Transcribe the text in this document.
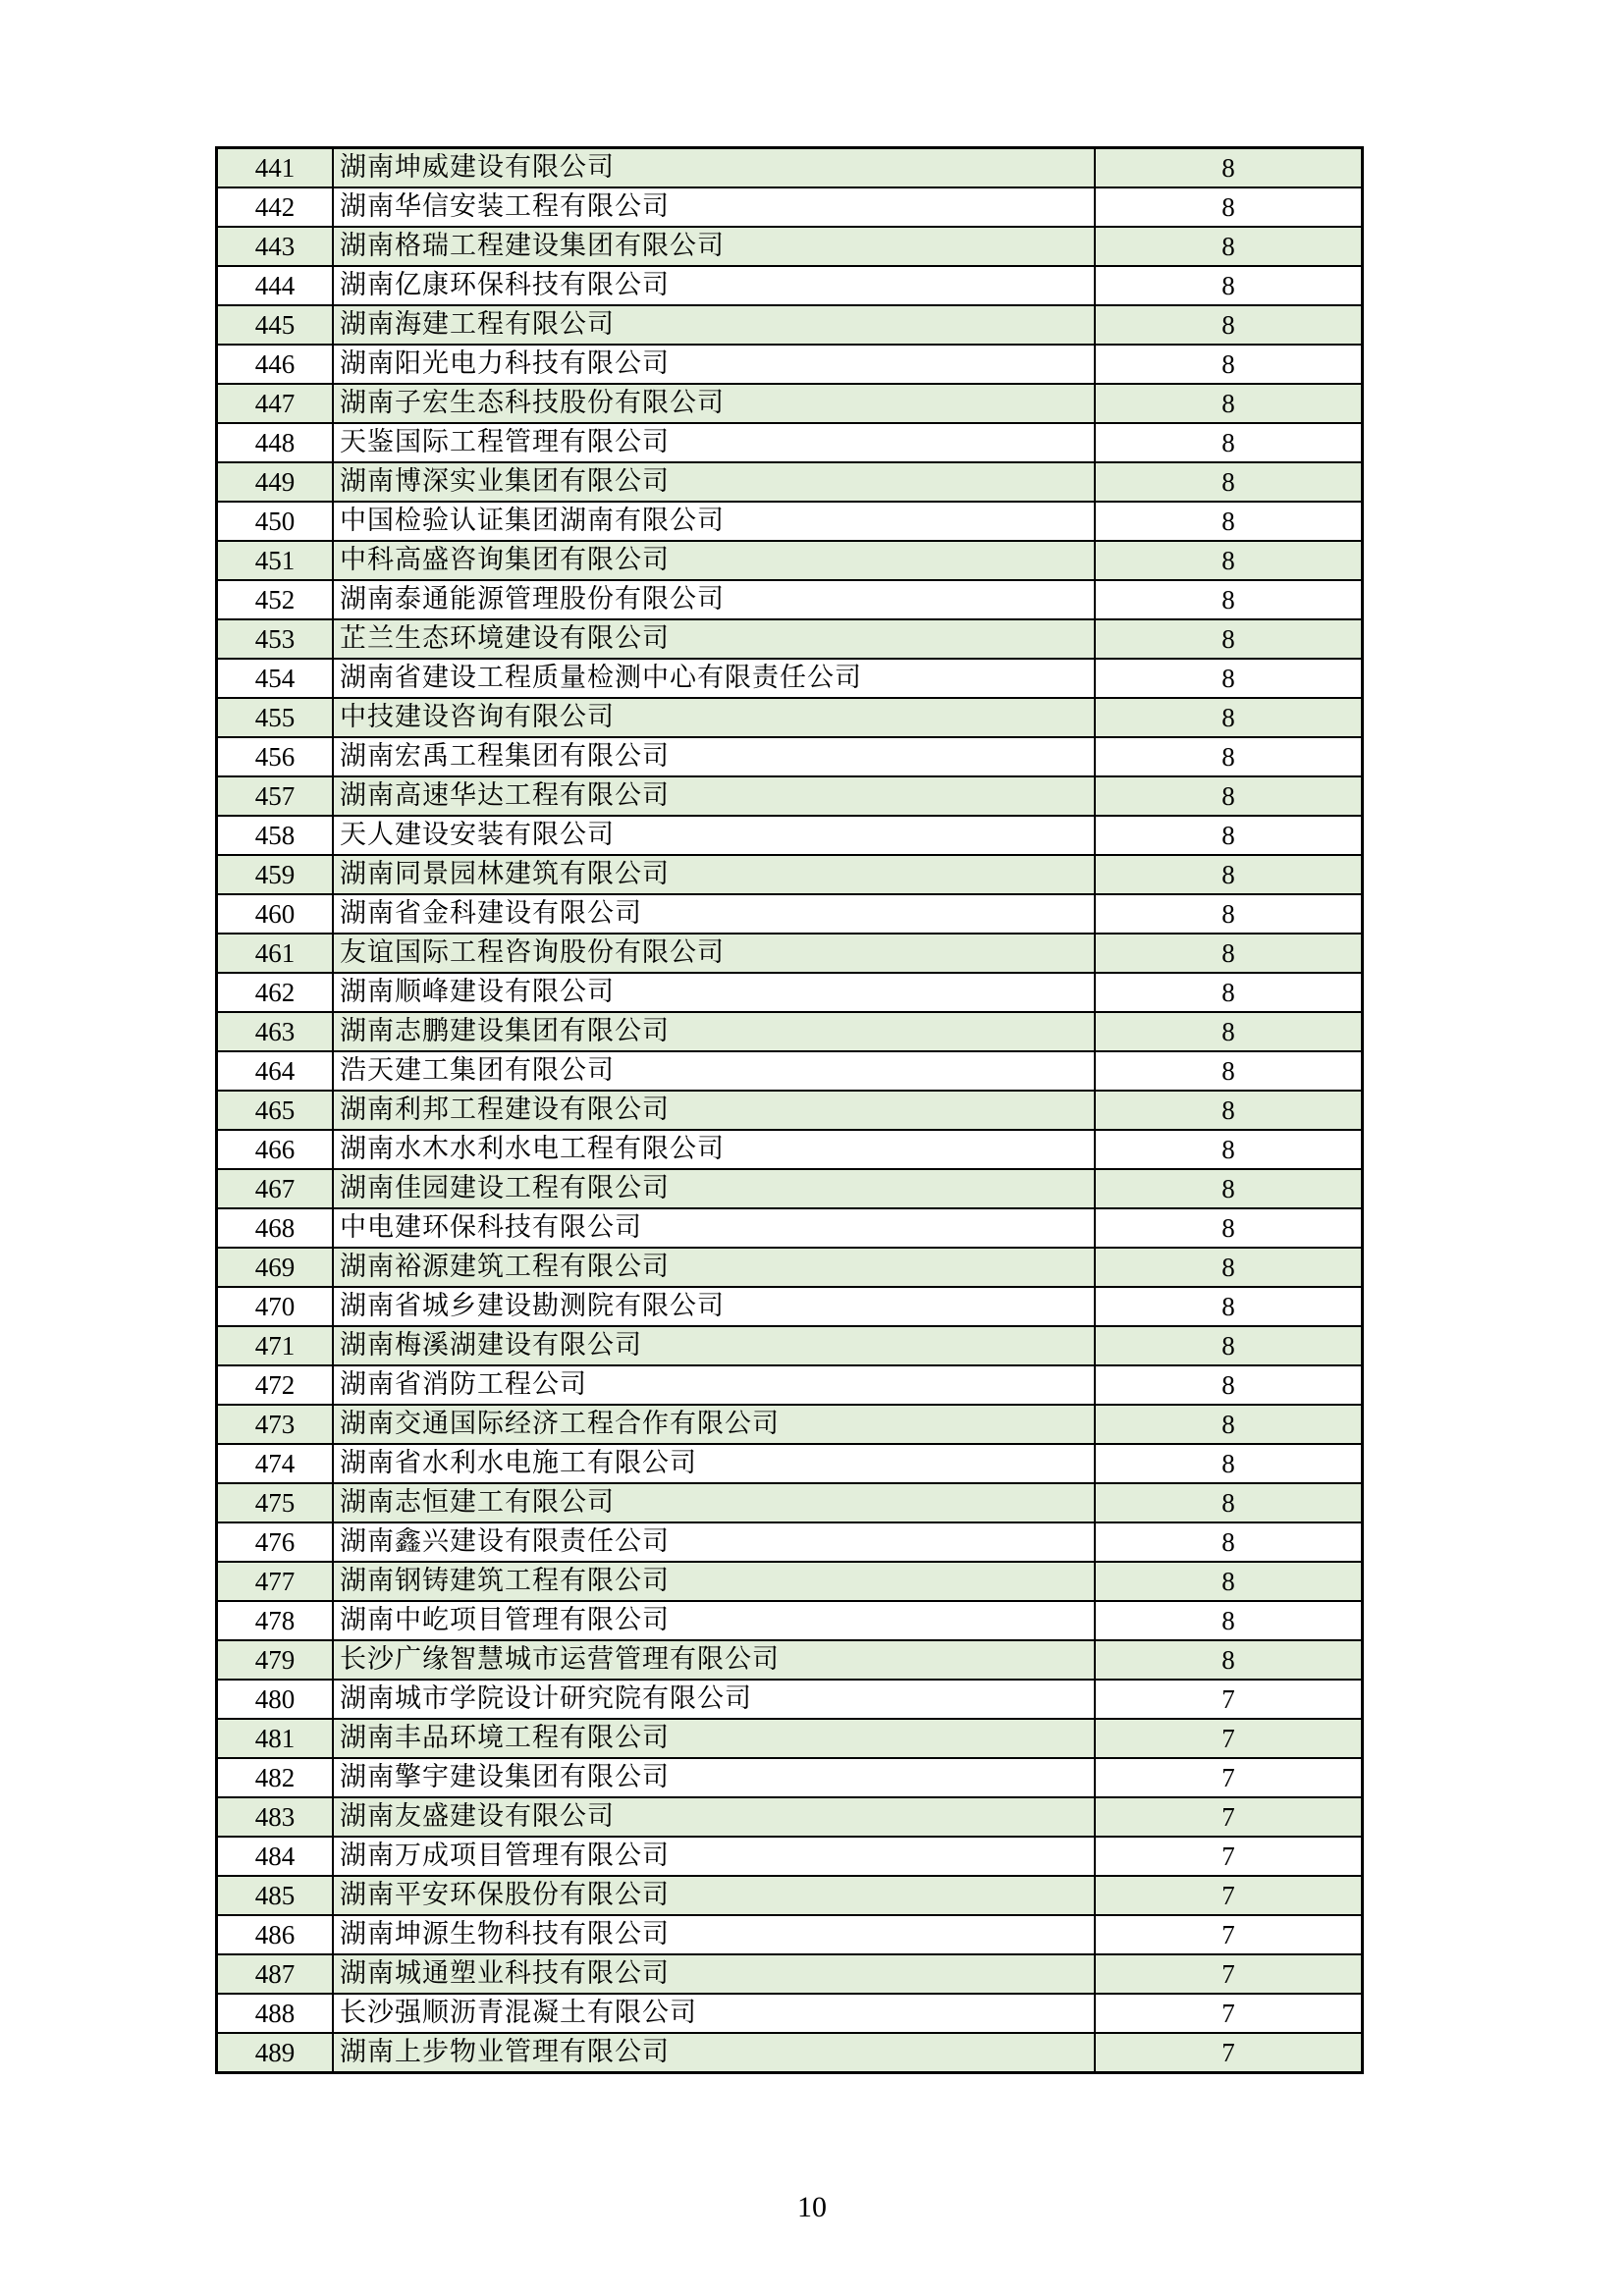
441	湖南坤威建设有限公司	8
442	湖南华信安装工程有限公司	8
443	湖南格瑞工程建设集团有限公司	8
444	湖南亿康环保科技有限公司	8
445	湖南海建工程有限公司	8
446	湖南阳光电力科技有限公司	8
447	湖南子宏生态科技股份有限公司	8
448	天鉴国际工程管理有限公司	8
449	湖南博深实业集团有限公司	8
450	中国检验认证集团湖南有限公司	8
451	中科高盛咨询集团有限公司	8
452	湖南泰通能源管理股份有限公司	8
453	芷兰生态环境建设有限公司	8
454	湖南省建设工程质量检测中心有限责任公司	8
455	中技建设咨询有限公司	8
456	湖南宏禹工程集团有限公司	8
457	湖南高速华达工程有限公司	8
458	天人建设安装有限公司	8
459	湖南同景园林建筑有限公司	8
460	湖南省金科建设有限公司	8
461	友谊国际工程咨询股份有限公司	8
462	湖南顺峰建设有限公司	8
463	湖南志鹏建设集团有限公司	8
464	浩天建工集团有限公司	8
465	湖南利邦工程建设有限公司	8
466	湖南水木水利水电工程有限公司	8
467	湖南佳园建设工程有限公司	8
468	中电建环保科技有限公司	8
469	湖南裕源建筑工程有限公司	8
470	湖南省城乡建设勘测院有限公司	8
471	湖南梅溪湖建设有限公司	8
472	湖南省消防工程公司	8
473	湖南交通国际经济工程合作有限公司	8
474	湖南省水利水电施工有限公司	8
475	湖南志恒建工有限公司	8
476	湖南鑫兴建设有限责任公司	8
477	湖南钢铸建筑工程有限公司	8
478	湖南中屹项目管理有限公司	8
479	长沙广缘智慧城市运营管理有限公司	8
480	湖南城市学院设计研究院有限公司	7
481	湖南丰品环境工程有限公司	7
482	湖南擎宇建设集团有限公司	7
483	湖南友盛建设有限公司	7
484	湖南万成项目管理有限公司	7
485	湖南平安环保股份有限公司	7
486	湖南坤源生物科技有限公司	7
487	湖南城通塑业科技有限公司	7
488	长沙强顺沥青混凝土有限公司	7
489	湖南上步物业管理有限公司	7
10
